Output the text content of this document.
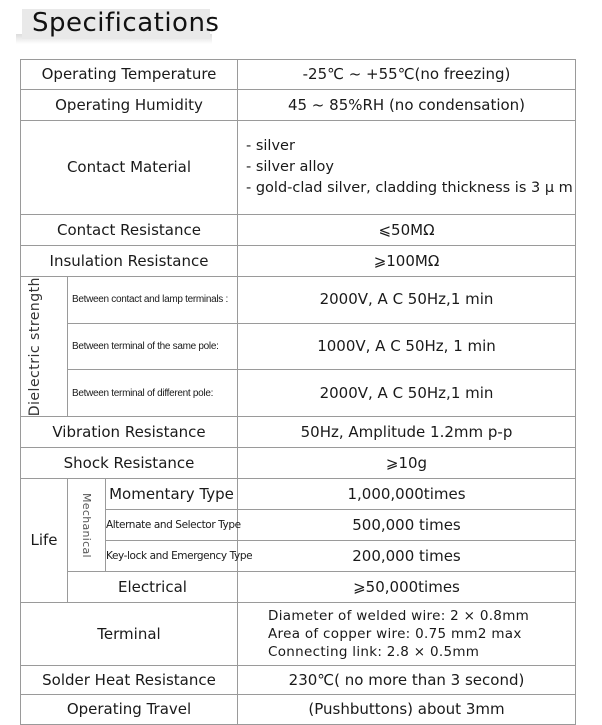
Specifications
Operating Temperature			-25℃ ~ +55℃(no freezing)
Operating Humidity			45 ~ 85%RH (no condensation)
Contact Material			- silver
- silver alloy
- gold-clad silver, cladding thickness is 3 μ m

Contact Resistance			⩽50MΩ
Insulation Resistance			⩾100MΩ

Dielectric strength	Between contact and lamp terminals :		2000V, A C 50Hz,1 min
	Between terminal of the same pole:		1000V, A C 50Hz, 1 min
	Between terminal of different pole:		2000V, A C 50Hz,1 min
Vibration Resistance			50Hz, Amplitude 1.2mm p-p
Shock Resistance			⩾10g
Life	Mechanical	Momentary Type	1,000,000times
		Alternate and Selector Type	500,000 times
		Key-lock and Emergency Type	200,000 times
	Electrical		⩾50,000times
Terminal			Diameter of welded wire: 2 × 0.8mm
Area of copper wire: 0.75 mm2 max
Connecting link: 2.8 × 0.5mm

Solder Heat Resistance			230℃( no more than 3 second)
Operating Travel			(Pushbuttons) about 3mm
